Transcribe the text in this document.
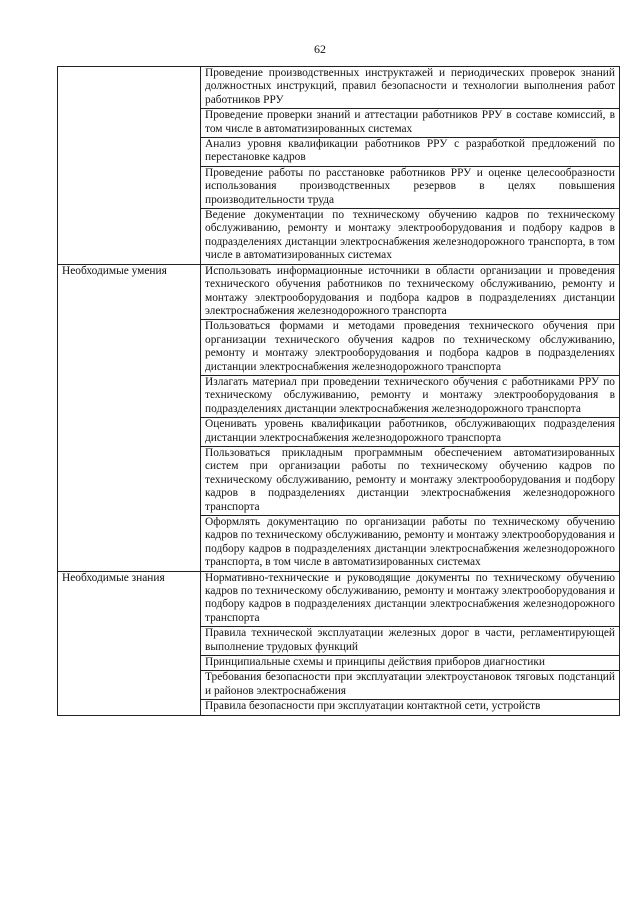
62
	Проведение производственных инструктажей и периодических проверок знаний должностных инструкций, правил безопасности и технологии выполнения работ работников РРУ
	Проведение проверки знаний и аттестации работников РРУ в составе комиссий, в том числе в автоматизированных системах
	Анализ уровня квалификации работников РРУ с разработкой предложений по перестановке кадров
	Проведение работы по расстановке работников РРУ и оценке целесообразности использования производственных резервов в целях повышения производительности труда
	Ведение документации по техническому обучению кадров по техническому обслуживанию, ремонту и монтажу электрооборудования и подбору кадров в подразделениях дистанции электроснабжения железнодорожного транспорта, в том числе в автоматизированных системах
Необходимые умения	Использовать информационные источники в области организации и проведения технического обучения работников по техническому обслуживанию, ремонту и монтажу электрооборудования и подбора кадров в подразделениях дистанции электроснабжения железнодорожного транспорта
	Пользоваться формами и методами проведения технического обучения при организации технического обучения кадров по техническому обслуживанию, ремонту и монтажу электрооборудования и подбора кадров в подразделениях дистанции электроснабжения железнодорожного транспорта
	Излагать материал при проведении технического обучения с работниками РРУ по техническому обслуживанию, ремонту и монтажу электрооборудования в подразделениях дистанции электроснабжения железнодорожного транспорта
	Оценивать уровень квалификации работников, обслуживающих подразделения дистанции электроснабжения железнодорожного транспорта
	Пользоваться прикладным программным обеспечением автоматизированных систем при организации работы по техническому обучению кадров по техническому обслуживанию, ремонту и монтажу электрооборудования и подбору кадров в подразделениях дистанции электроснабжения железнодорожного транспорта
	Оформлять документацию по организации работы по техническому обучению кадров по техническому обслуживанию, ремонту и монтажу электрооборудования и подбору кадров в подразделениях дистанции электроснабжения железнодорожного транспорта, в том числе в автоматизированных системах
Необходимые знания	Нормативно-технические и руководящие документы по техническому обучению кадров по техническому обслуживанию, ремонту и монтажу электрооборудования и подбору кадров в подразделениях дистанции электроснабжения железнодорожного транспорта
	Правила технической эксплуатации железных дорог в части, регламентирующей выполнение трудовых функций
	Принципиальные схемы и принципы действия приборов диагностики
	Требования безопасности при эксплуатации электроустановок тяговых подстанций и районов электроснабжения
	Правила безопасности при эксплуатации контактной сети, устройств
